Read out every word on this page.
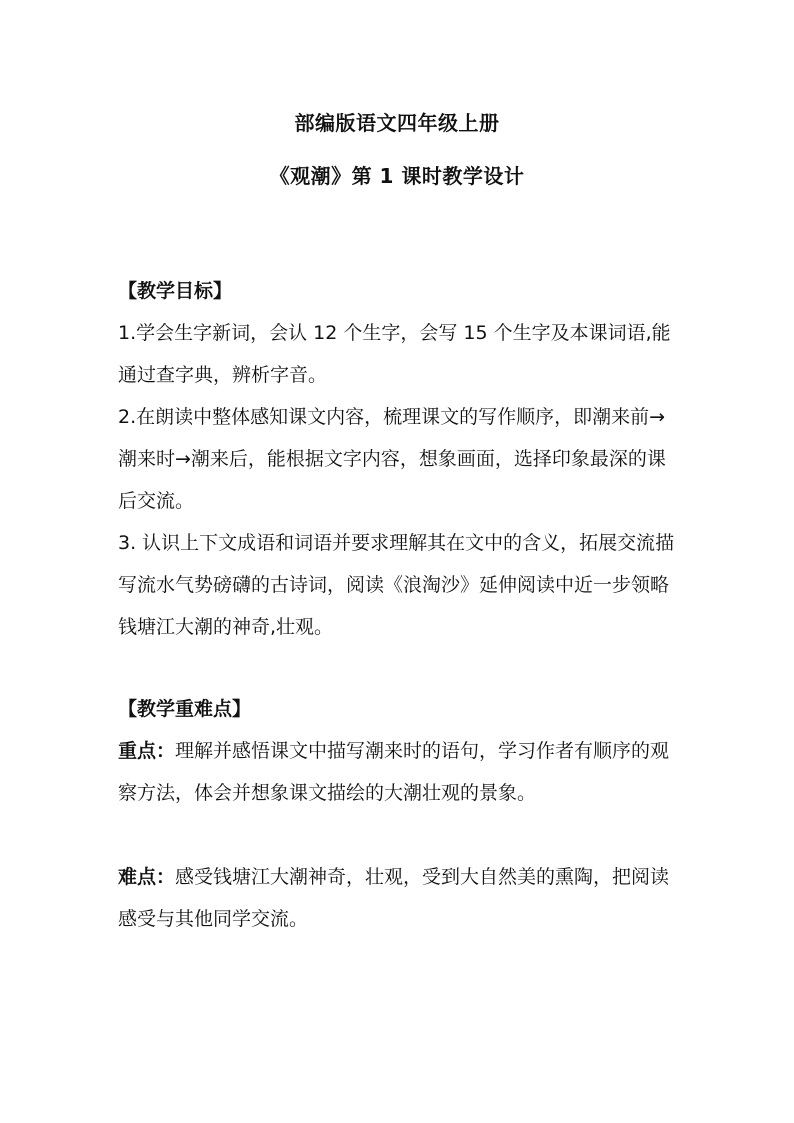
部编版语文四年级上册
《观潮》第 1 课时教学设计

【教学目标】

1.学会生字新词，会认 12 个生字，会写 15 个生字及本课词语,能通过查字典，辨析字音。

2.在朗读中整体感知课文内容，梳理课文的写作顺序，即潮来前→潮来时→潮来后，能根据文字内容，想象画面，选择印象最深的课后交流。

3. 认识上下文成语和词语并要求理解其在文中的含义，拓展交流描写流水气势磅礴的古诗词，阅读《浪淘沙》延伸阅读中近一步领略钱塘江大潮的神奇,壮观。

【教学重难点】

重点：理解并感悟课文中描写潮来时的语句，学习作者有顺序的观察方法，体会并想象课文描绘的大潮壮观的景象。

难点：感受钱塘江大潮神奇，壮观，受到大自然美的熏陶，把阅读感受与其他同学交流。
